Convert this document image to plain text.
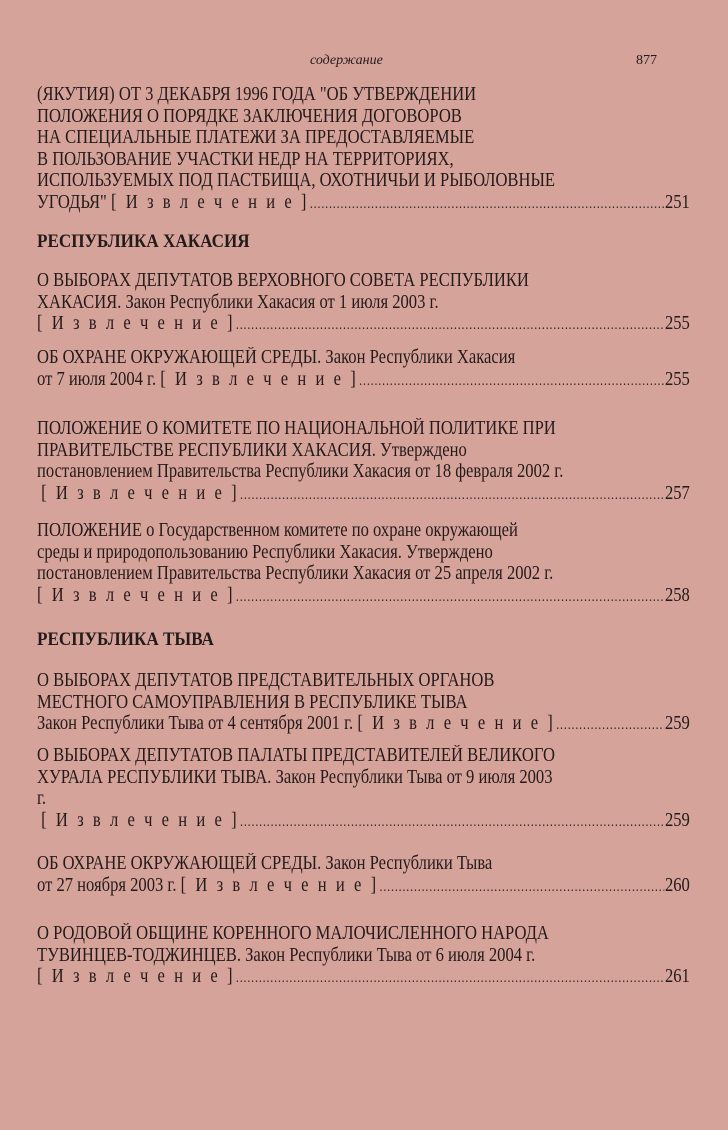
содержание	877
(ЯКУТИЯ) ОТ 3 ДЕКАБРЯ 1996 ГОДА "ОБ УТВЕРЖДЕНИИ
ПОЛОЖЕНИЯ О ПОРЯДКЕ ЗАКЛЮЧЕНИЯ ДОГОВОРОВ
НА СПЕЦИАЛЬНЫЕ ПЛАТЕЖИ ЗА ПРЕДОСТАВЛЯЕМЫЕ
В ПОЛЬЗОВАНИЕ УЧАСТКИ НЕДР НА ТЕРРИТОРИЯХ,
ИСПОЛЬЗУЕМЫХ ПОД ПАСТБИЩА, ОХОТНИЧЬИ И РЫБОЛОВНЫЕ
УГОДЬЯ" [ И з в л е ч е н и е ] .....	251
РЕСПУБЛИКА ХАКАСИЯ
О ВЫБОРАХ ДЕПУТАТОВ ВЕРХОВНОГО СОВЕТА РЕСПУБЛИКИ
ХАКАСИЯ. Закон Республики Хакасия от 1 июля 2003 г.
[ И з в л е ч е н и е ] .....	255
ОБ ОХРАНЕ ОКРУЖАЮЩЕЙ СРЕДЫ. Закон Республики Хакасия
от 7 июля 2004 г. [ И з в л е ч е н и е ] .....	255
ПОЛОЖЕНИЕ О КОМИТЕТЕ ПО НАЦИОНАЛЬНОЙ ПОЛИТИКЕ ПРИ
ПРАВИТЕЛЬСТВЕ РЕСПУБЛИКИ ХАКАСИЯ. Утверждено
постановлением Правительства Республики Хакасия от 18 февраля 2002 г.

[ И з в л е ч е н и е ] .....	257
ПОЛОЖЕНИЕ о Государственном комитете по охране окружающей
среды и природопользованию Республики Хакасия. Утверждено
постановлением Правительства Республики Хакасия от 25 апреля 2002 г.
[ И з в л е ч е н и е ] .....	258
РЕСПУБЛИКА ТЫВА
О ВЫБОРАХ ДЕПУТАТОВ ПРЕДСТАВИТЕЛЬНЫХ ОРГАНОВ
МЕСТНОГО САМОУПРАВЛЕНИЯ В РЕСПУБЛИКЕ ТЫВА
Закон Республики Тыва от 4 сентября 2001 г. [ И з в л е ч е н и е ] .....	259
О ВЫБОРАХ ДЕПУТАТОВ ПАЛАТЫ ПРЕДСТАВИТЕЛЕЙ ВЕЛИКОГО
ХУРАЛА РЕСПУБЛИКИ ТЫВА. Закон Республики Тыва от 9 июля 2003
г.

[ И з в л е ч е н и е ] .....	259
ОБ ОХРАНЕ ОКРУЖАЮЩЕЙ СРЕДЫ. Закон Республики Тыва
от 27 ноября 2003 г. [ И з в л е ч е н и е ] .....	260
О РОДОВОЙ ОБЩИНЕ КОРЕННОГО МАЛОЧИСЛЕННОГО НАРОДА
ТУВИНЦЕВ-ТОДЖИНЦЕВ. Закон Республики Тыва от 6 июля 2004 г.
[ И з в л е ч е н и е ] .....	261
